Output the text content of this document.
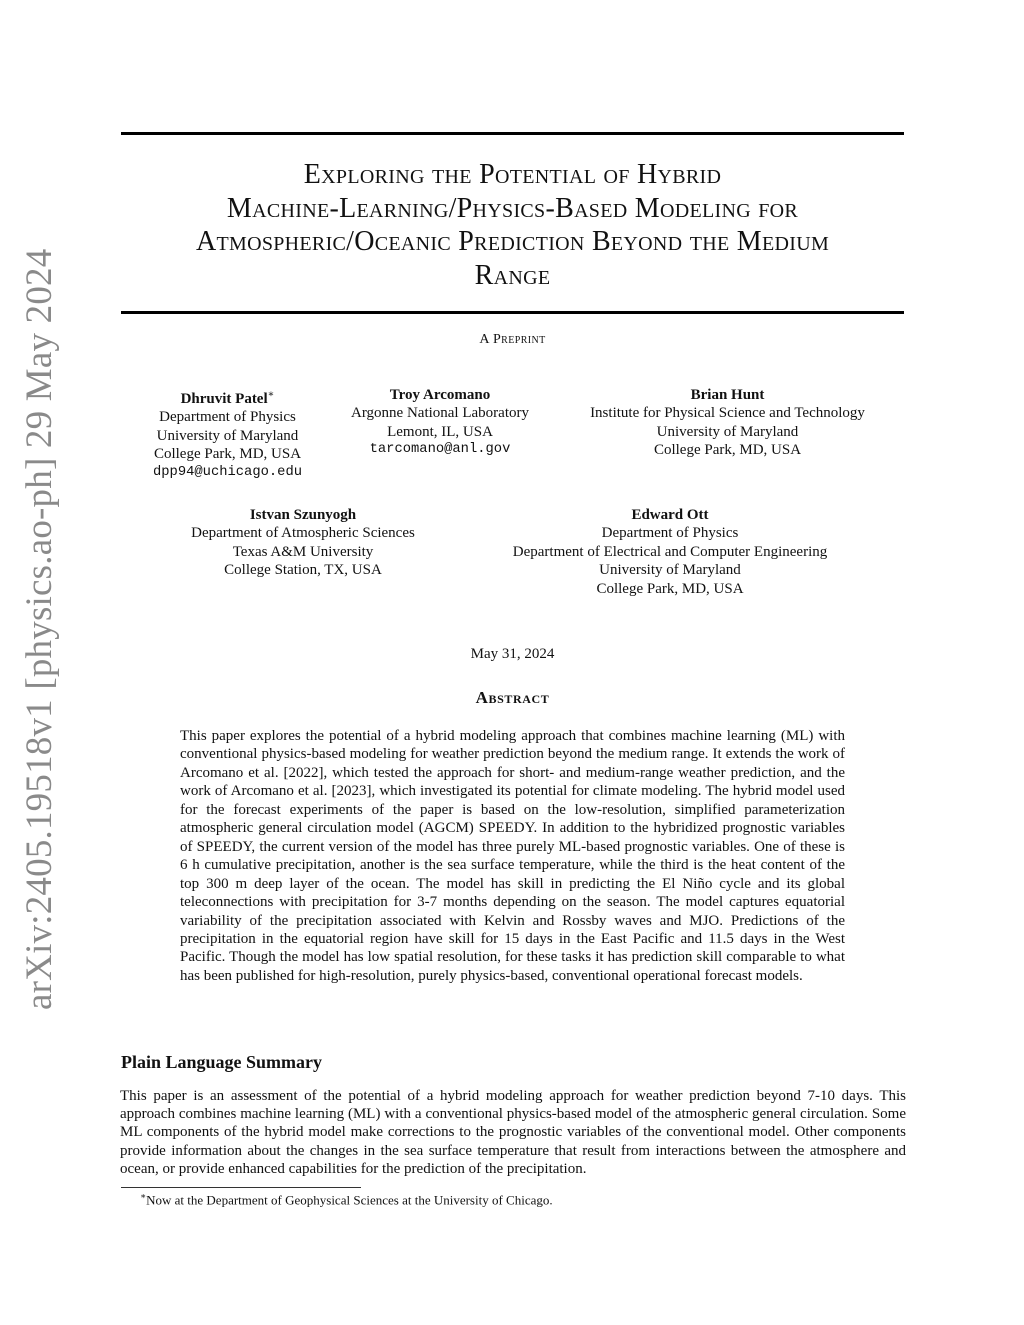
arXiv:2405.19518v1 [physics.ao-ph] 29 May 2024
Exploring the Potential of Hybrid
Machine-Learning/Physics-Based Modeling for
Atmospheric/Oceanic Prediction Beyond the Medium
Range
A Preprint
Dhruvit Patel∗
Department of Physics
University of Maryland
College Park, MD, USA
dpp94@uchicago.edu
Troy Arcomano
Argonne National Laboratory
Lemont, IL, USA
tarcomano@anl.gov
Brian Hunt
Institute for Physical Science and Technology
University of Maryland
College Park, MD, USA
Istvan Szunyogh
Department of Atmospheric Sciences
Texas A&M University
College Station, TX, USA
Edward Ott
Department of Physics
Department of Electrical and Computer Engineering
University of Maryland
College Park, MD, USA
May 31, 2024
Abstract
This paper explores the potential of a hybrid modeling approach that combines machine learning (ML) with conventional physics-based modeling for weather prediction beyond the medium range. It extends the work of Arcomano et al. [2022], which tested the approach for short- and medium-range weather prediction, and the work of Arcomano et al. [2023], which investigated its potential for climate modeling. The hybrid model used for the forecast experiments of the paper is based on the low-resolution, simplified parameterization atmospheric general circulation model (AGCM) SPEEDY. In addition to the hybridized prognostic variables of SPEEDY, the current version of the model has three purely ML-based prognostic variables. One of these is 6 h cumulative precipitation, another is the sea surface temperature, while the third is the heat content of the top 300 m deep layer of the ocean. The model has skill in predicting the El Niño cycle and its global teleconnections with precipitation for 3-7 months depending on the season. The model captures equatorial variability of the precipitation associated with Kelvin and Rossby waves and MJO. Predictions of the precipitation in the equatorial region have skill for 15 days in the East Pacific and 11.5 days in the West Pacific. Though the model has low spatial resolution, for these tasks it has prediction skill comparable to what has been published for high-resolution, purely physics-based, conventional operational forecast models.
Plain Language Summary
This paper is an assessment of the potential of a hybrid modeling approach for weather prediction beyond 7-10 days. This approach combines machine learning (ML) with a conventional physics-based model of the atmospheric general circulation. Some ML components of the hybrid model make corrections to the prognostic variables of the conventional model. Other components provide information about the changes in the sea surface temperature that result from interactions between the atmosphere and ocean, or provide enhanced capabilities for the prediction of the precipitation.
∗Now at the Department of Geophysical Sciences at the University of Chicago.
